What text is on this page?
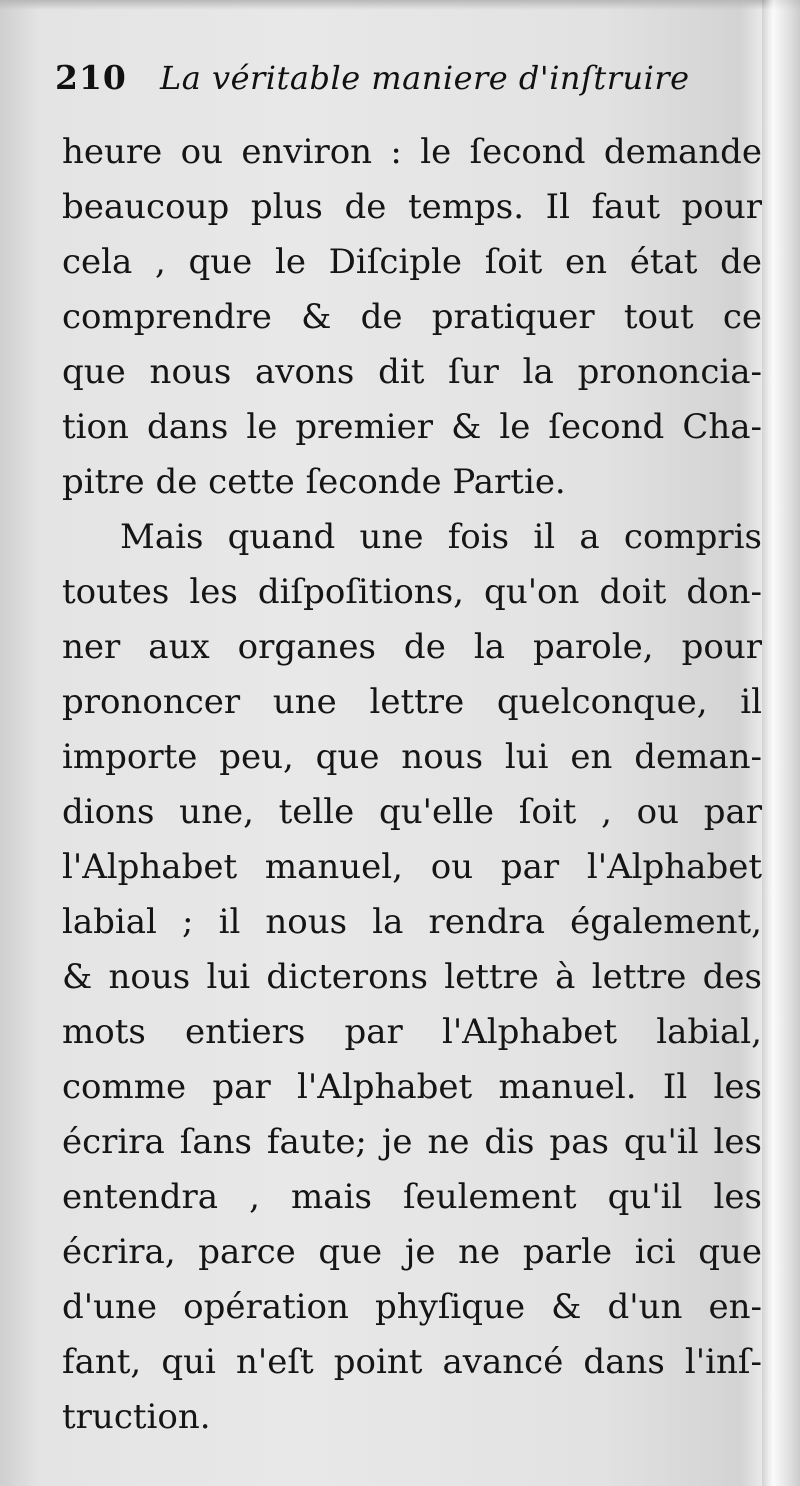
210 La véritable maniere d'inſtruire
heure ou environ : le ſecond demande
beaucoup plus de temps. Il faut pour
cela , que le Diſciple ſoit en état de
comprendre & de pratiquer tout ce
que nous avons dit ſur la prononcia-
tion dans le premier & le ſecond Cha-
pitre de cette ſeconde Partie.
Mais quand une fois il a compris
toutes les diſpoſitions, qu'on doit don-
ner aux organes de la parole, pour
prononcer une lettre quelconque, il
importe peu, que nous lui en deman-
dions une, telle qu'elle ſoit , ou par
l'Alphabet manuel, ou par l'Alphabet
labial ; il nous la rendra également,
& nous lui dicterons lettre à lettre des
mots entiers par l'Alphabet labial,
comme par l'Alphabet manuel. Il les
écrira ſans faute; je ne dis pas qu'il les
entendra , mais ſeulement qu'il les
écrira, parce que je ne parle ici que
d'une opération phyſique & d'un en-
fant, qui n'eſt point avancé dans l'inſ-
truction.
